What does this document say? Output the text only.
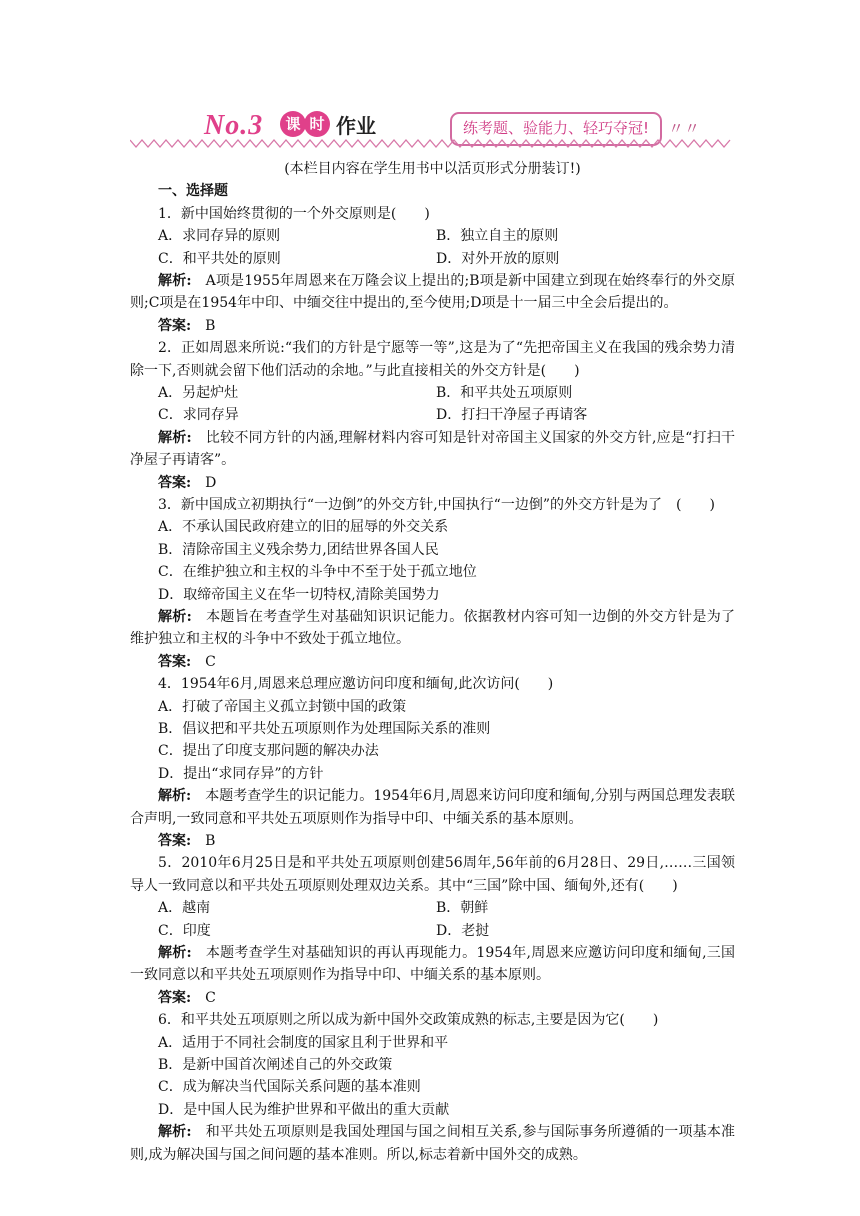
No.3	课 时 作业	练考题、验能力、轻巧夺冠!	〃〃
(本栏目内容在学生用书中以活页形式分册装订!)
一、选择题
1．新中国始终贯彻的一个外交原则是(　　)
A．求同存异的原则	B．独立自主的原则
C．和平共处的原则	D．对外开放的原则
解析: A项是1955年周恩来在万隆会议上提出的;B项是新中国建立到现在始终奉行的外交原则;C项是在1954年中印、中缅交往中提出的,至今使用;D项是十一届三中全会后提出的。
答案: B
2．正如周恩来所说:“我们的方针是宁愿等一等”,这是为了“先把帝国主义在我国的残余势力清除一下,否则就会留下他们活动的余地。”与此直接相关的外交方针是(　　)
A．另起炉灶	B．和平共处五项原则
C．求同存异	D．打扫干净屋子再请客
解析: 比较不同方针的内涵,理解材料内容可知是针对帝国主义国家的外交方针,应是“打扫干净屋子再请客”。
答案: D
3．新中国成立初期执行“一边倒”的外交方针,中国执行“一边倒”的外交方针是为了　(　　)
A．不承认国民政府建立的旧的屈辱的外交关系
B．清除帝国主义残余势力,团结世界各国人民
C．在维护独立和主权的斗争中不至于处于孤立地位
D．取缔帝国主义在华一切特权,清除美国势力
解析: 本题旨在考查学生对基础知识识记能力。依据教材内容可知一边倒的外交方针是为了维护独立和主权的斗争中不致处于孤立地位。
答案: C
4．1954年6月,周恩来总理应邀访问印度和缅甸,此次访问(　　)
A．打破了帝国主义孤立封锁中国的政策
B．倡议把和平共处五项原则作为处理国际关系的准则
C．提出了印度支那问题的解决办法
D．提出“求同存异”的方针
解析: 本题考查学生的识记能力。1954年6月,周恩来访问印度和缅甸,分别与两国总理发表联合声明,一致同意和平共处五项原则作为指导中印、中缅关系的基本原则。
答案: B
5．2010年6月25日是和平共处五项原则创建56周年,56年前的6月28日、29日,……三国领导人一致同意以和平共处五项原则处理双边关系。其中“三国”除中国、缅甸外,还有(　　)
A．越南	B．朝鲜
C．印度	D．老挝
解析: 本题考查学生对基础知识的再认再现能力。1954年,周恩来应邀访问印度和缅甸,三国一致同意以和平共处五项原则作为指导中印、中缅关系的基本原则。
答案: C
6．和平共处五项原则之所以成为新中国外交政策成熟的标志,主要是因为它(　　)
A．适用于不同社会制度的国家且利于世界和平
B．是新中国首次阐述自己的外交政策
C．成为解决当代国际关系问题的基本准则
D．是中国人民为维护世界和平做出的重大贡献
解析: 和平共处五项原则是我国处理国与国之间相互关系,参与国际事务所遵循的一项基本准则,成为解决国与国之间问题的基本准则。所以,标志着新中国外交的成熟。
